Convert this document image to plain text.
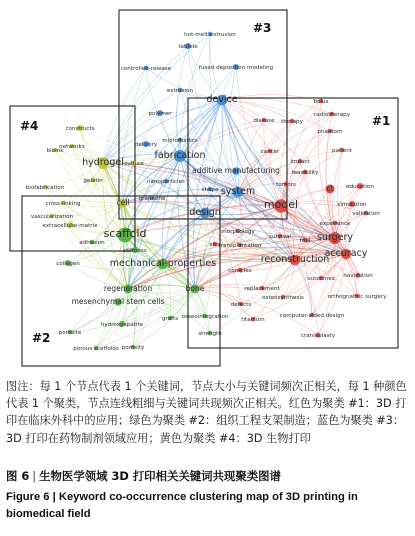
fabrication
design
system
device
additive manufacturing
tablets
hot-melt extrusion
fused deposition modeling
controlled-release
extrusion
polymer
microfluidics
delivery
nanoparticles
graphene
shape
model
surgery
accuracy
reconstruction
ct
simulation
education
validation
impact
feasibility
cancer
disease therapy
bolus
radiotherapy
phantom
patient
tumors
experience
survival
trial
morphology
size
transplantation
complex
outcomes navigation
replacement
defects
osteosynthesis	orthognathic surgery
titanium
computer-aided design
cranioplasty
scaffold
mechanical-properties
regeneration	bone
mesenchymal stem cells
stiffness
collagen
adhesion
hydroxyapatite
grafts osseointegration
strength
porosity
porous scaffolds
porosite
hydrogel
cell
constructs
networks
bioink
gelatin
culture
biofabrication
cross-linking
vascularization
extracellular-matrix
#1
#2
#3
#4
图注：每 1 个节点代表 1 个关键词，节点大小与关键词频次正相关，每 1 种颜色代表 1 个聚类，节点连线粗细与关键词共现频次正相关。红色为聚类 #1：3D 打印在临床外科中的应用；绿色为聚类 #2：组织工程支架制造；蓝色为聚类 #3：3D 打印在药物制剂领域应用；黄色为聚类 #4：3D 生物打印
图 6 | 生物医学领域 3D 打印相关关键词共现聚类图谱
Figure 6 | Keyword co-occurrence clustering map of 3D printing in biomedical field
